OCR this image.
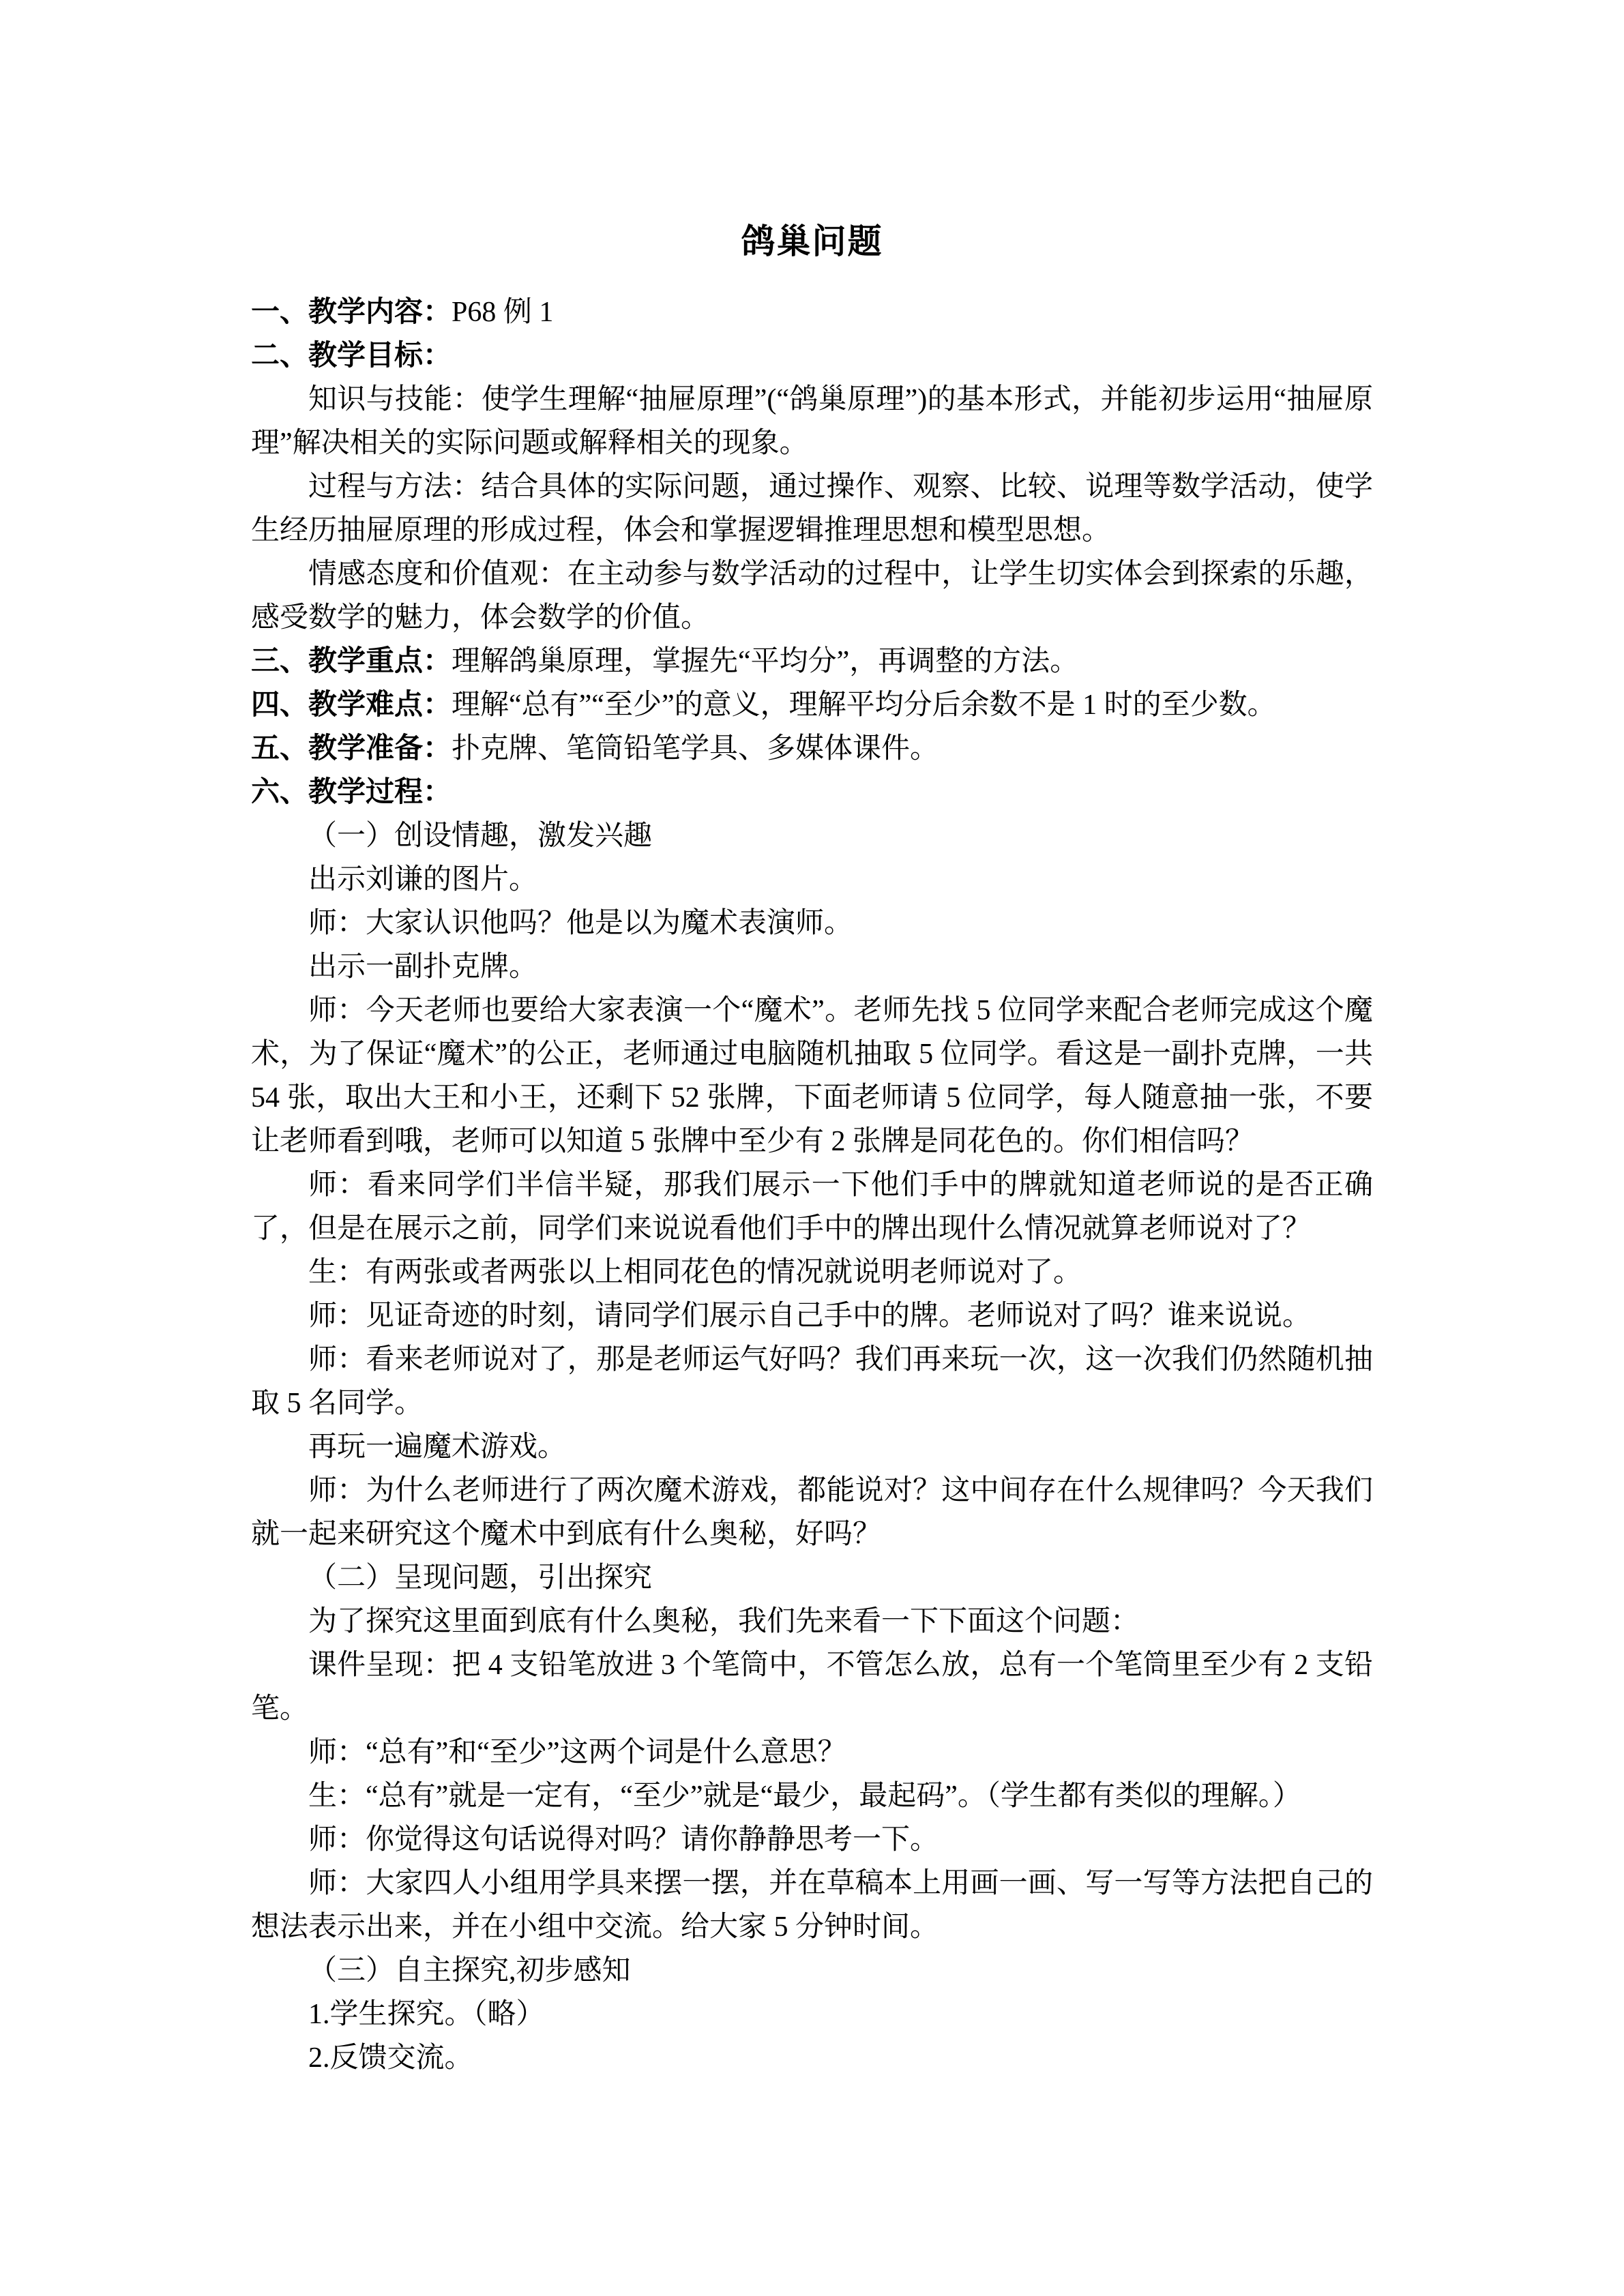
鸽巢问题

一、教学内容：P68 例 1

二、教学目标：

知识与技能：使学生理解“抽屉原理”(“鸽巢原理”)的基本形式，并能初步运用“抽屉原理”解决相关的实际问题或解释相关的现象。

过程与方法：结合具体的实际问题，通过操作、观察、比较、说理等数学活动，使学生经历抽屉原理的形成过程，体会和掌握逻辑推理思想和模型思想。

情感态度和价值观：在主动参与数学活动的过程中，让学生切实体会到探索的乐趣，感受数学的魅力，体会数学的价值。

三、教学重点：理解鸽巢原理，掌握先“平均分”，再调整的方法。

四、教学难点：理解“总有”“至少”的意义，理解平均分后余数不是 1 时的至少数。

五、教学准备：扑克牌、笔筒铅笔学具、多媒体课件。

六、教学过程：

（一）创设情趣，激发兴趣

出示刘谦的图片。

师：大家认识他吗？他是以为魔术表演师。

出示一副扑克牌。

师：今天老师也要给大家表演一个“魔术”。老师先找 5 位同学来配合老师完成这个魔术，为了保证“魔术”的公正，老师通过电脑随机抽取 5 位同学。看这是一副扑克牌，一共 54 张，取出大王和小王，还剩下 52 张牌，下面老师请 5 位同学，每人随意抽一张，不要让老师看到哦，老师可以知道 5 张牌中至少有 2 张牌是同花色的。你们相信吗？

师：看来同学们半信半疑，那我们展示一下他们手中的牌就知道老师说的是否正确了，但是在展示之前，同学们来说说看他们手中的牌出现什么情况就算老师说对了？

生：有两张或者两张以上相同花色的情况就说明老师说对了。

师：见证奇迹的时刻，请同学们展示自己手中的牌。老师说对了吗？谁来说说。

师：看来老师说对了，那是老师运气好吗？我们再来玩一次，这一次我们仍然随机抽取 5 名同学。

再玩一遍魔术游戏。

师：为什么老师进行了两次魔术游戏，都能说对？这中间存在什么规律吗？今天我们就一起来研究这个魔术中到底有什么奥秘，好吗？

（二）呈现问题，引出探究

为了探究这里面到底有什么奥秘，我们先来看一下下面这个问题：

课件呈现：把 4 支铅笔放进 3 个笔筒中，不管怎么放，总有一个笔筒里至少有 2 支铅笔。

师：“总有”和“至少”这两个词是什么意思？

生：“总有”就是一定有，“至少”就是“最少，最起码”。（学生都有类似的理解。）

师：你觉得这句话说得对吗？请你静静思考一下。

师：大家四人小组用学具来摆一摆，并在草稿本上用画一画、写一写等方法把自己的想法表示出来，并在小组中交流。给大家 5 分钟时间。

（三）自主探究,初步感知

1.学生探究。（略）

2.反馈交流。
